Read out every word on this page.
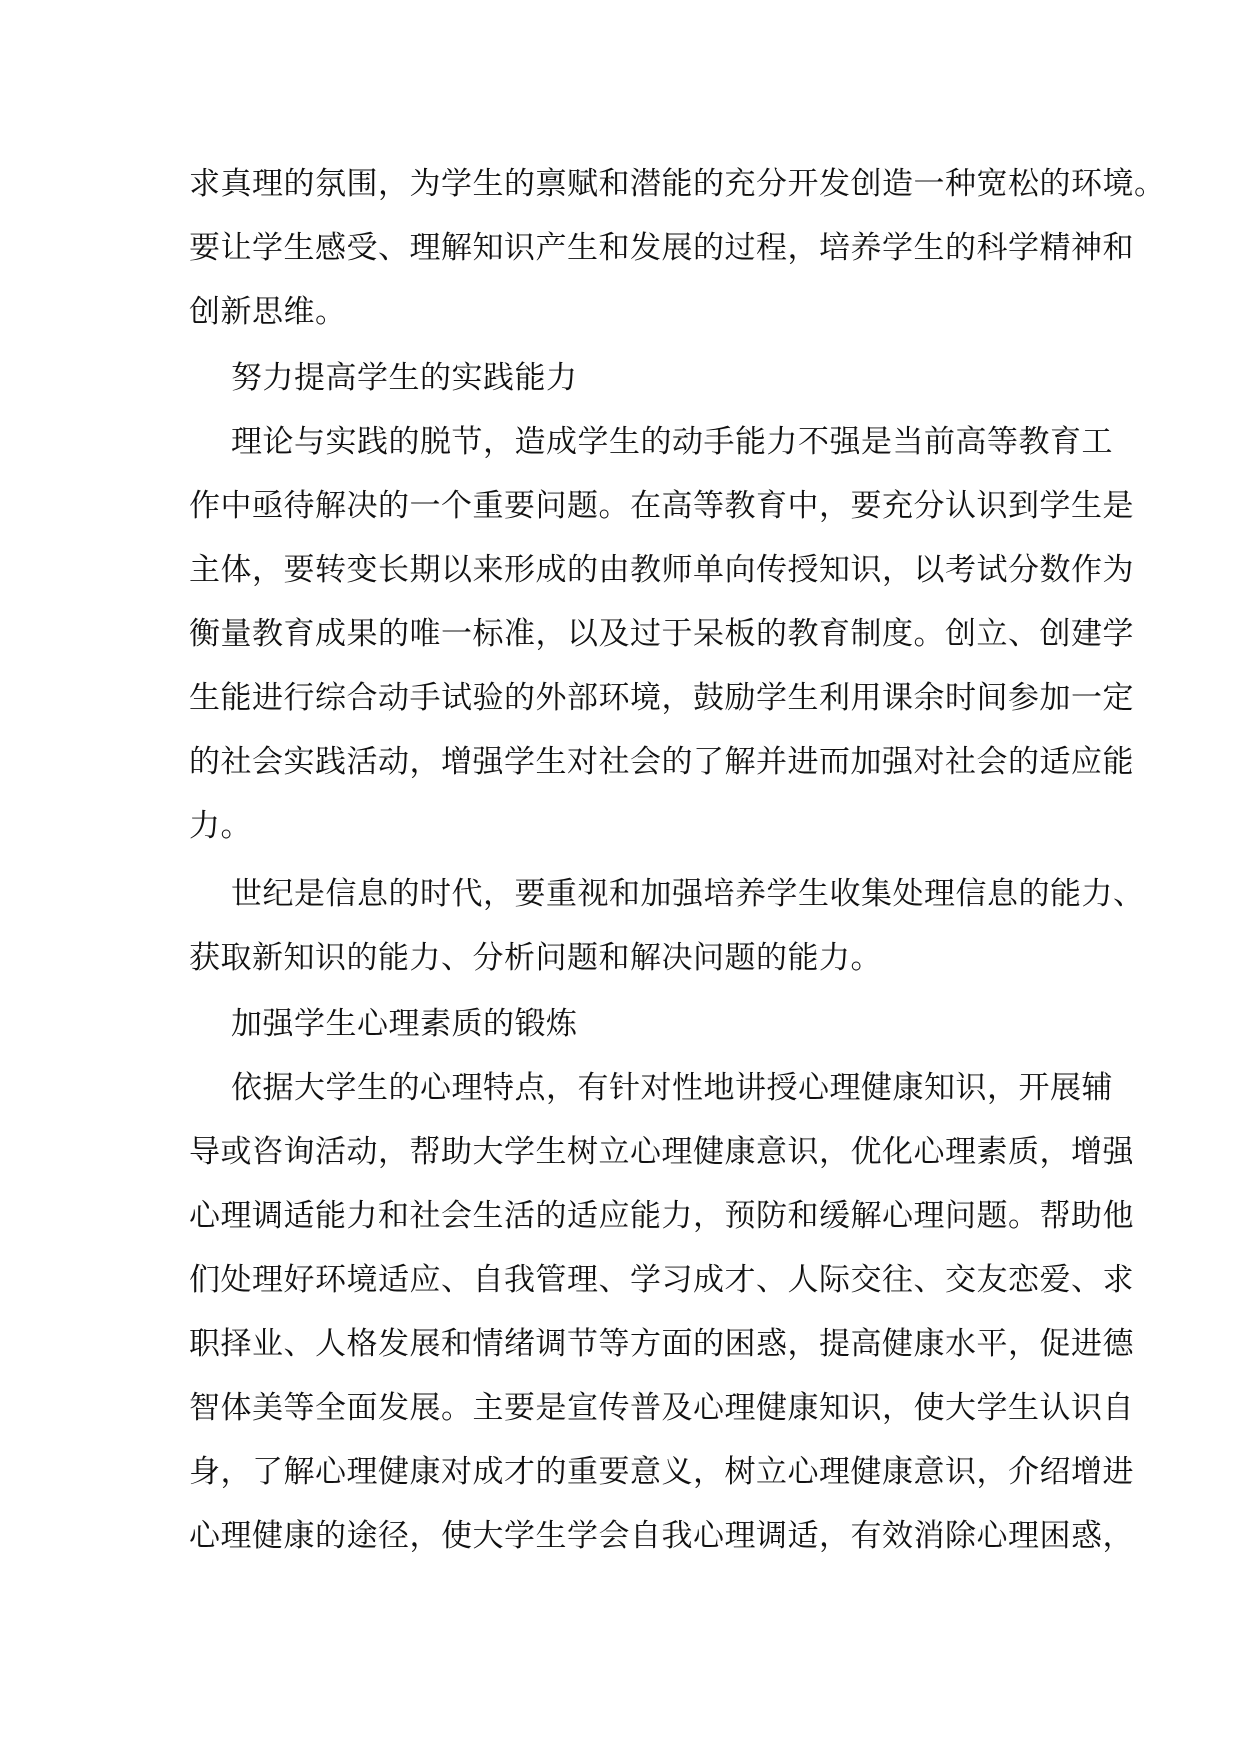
求真理的氛围，为学生的禀赋和潜能的充分开发创造一种宽松的环境。
要让学生感受、理解知识产生和发展的过程，培养学生的科学精神和
创新思维。
努力提高学生的实践能力
理论与实践的脱节，造成学生的动手能力不强是当前高等教育工
作中亟待解决的一个重要问题。在高等教育中，要充分认识到学生是
主体，要转变长期以来形成的由教师单向传授知识，以考试分数作为
衡量教育成果的唯一标准，以及过于呆板的教育制度。创立、创建学
生能进行综合动手试验的外部环境，鼓励学生利用课余时间参加一定
的社会实践活动，增强学生对社会的了解并进而加强对社会的适应能
力。
世纪是信息的时代，要重视和加强培养学生收集处理信息的能力、
获取新知识的能力、分析问题和解决问题的能力。
加强学生心理素质的锻炼
依据大学生的心理特点，有针对性地讲授心理健康知识，开展辅
导或咨询活动，帮助大学生树立心理健康意识，优化心理素质，增强
心理调适能力和社会生活的适应能力，预防和缓解心理问题。帮助他
们处理好环境适应、自我管理、学习成才、人际交往、交友恋爱、求
职择业、人格发展和情绪调节等方面的困惑，提高健康水平，促进德
智体美等全面发展。主要是宣传普及心理健康知识，使大学生认识自
身，了解心理健康对成才的重要意义，树立心理健康意识，介绍增进
心理健康的途径，使大学生学会自我心理调适，有效消除心理困惑，
